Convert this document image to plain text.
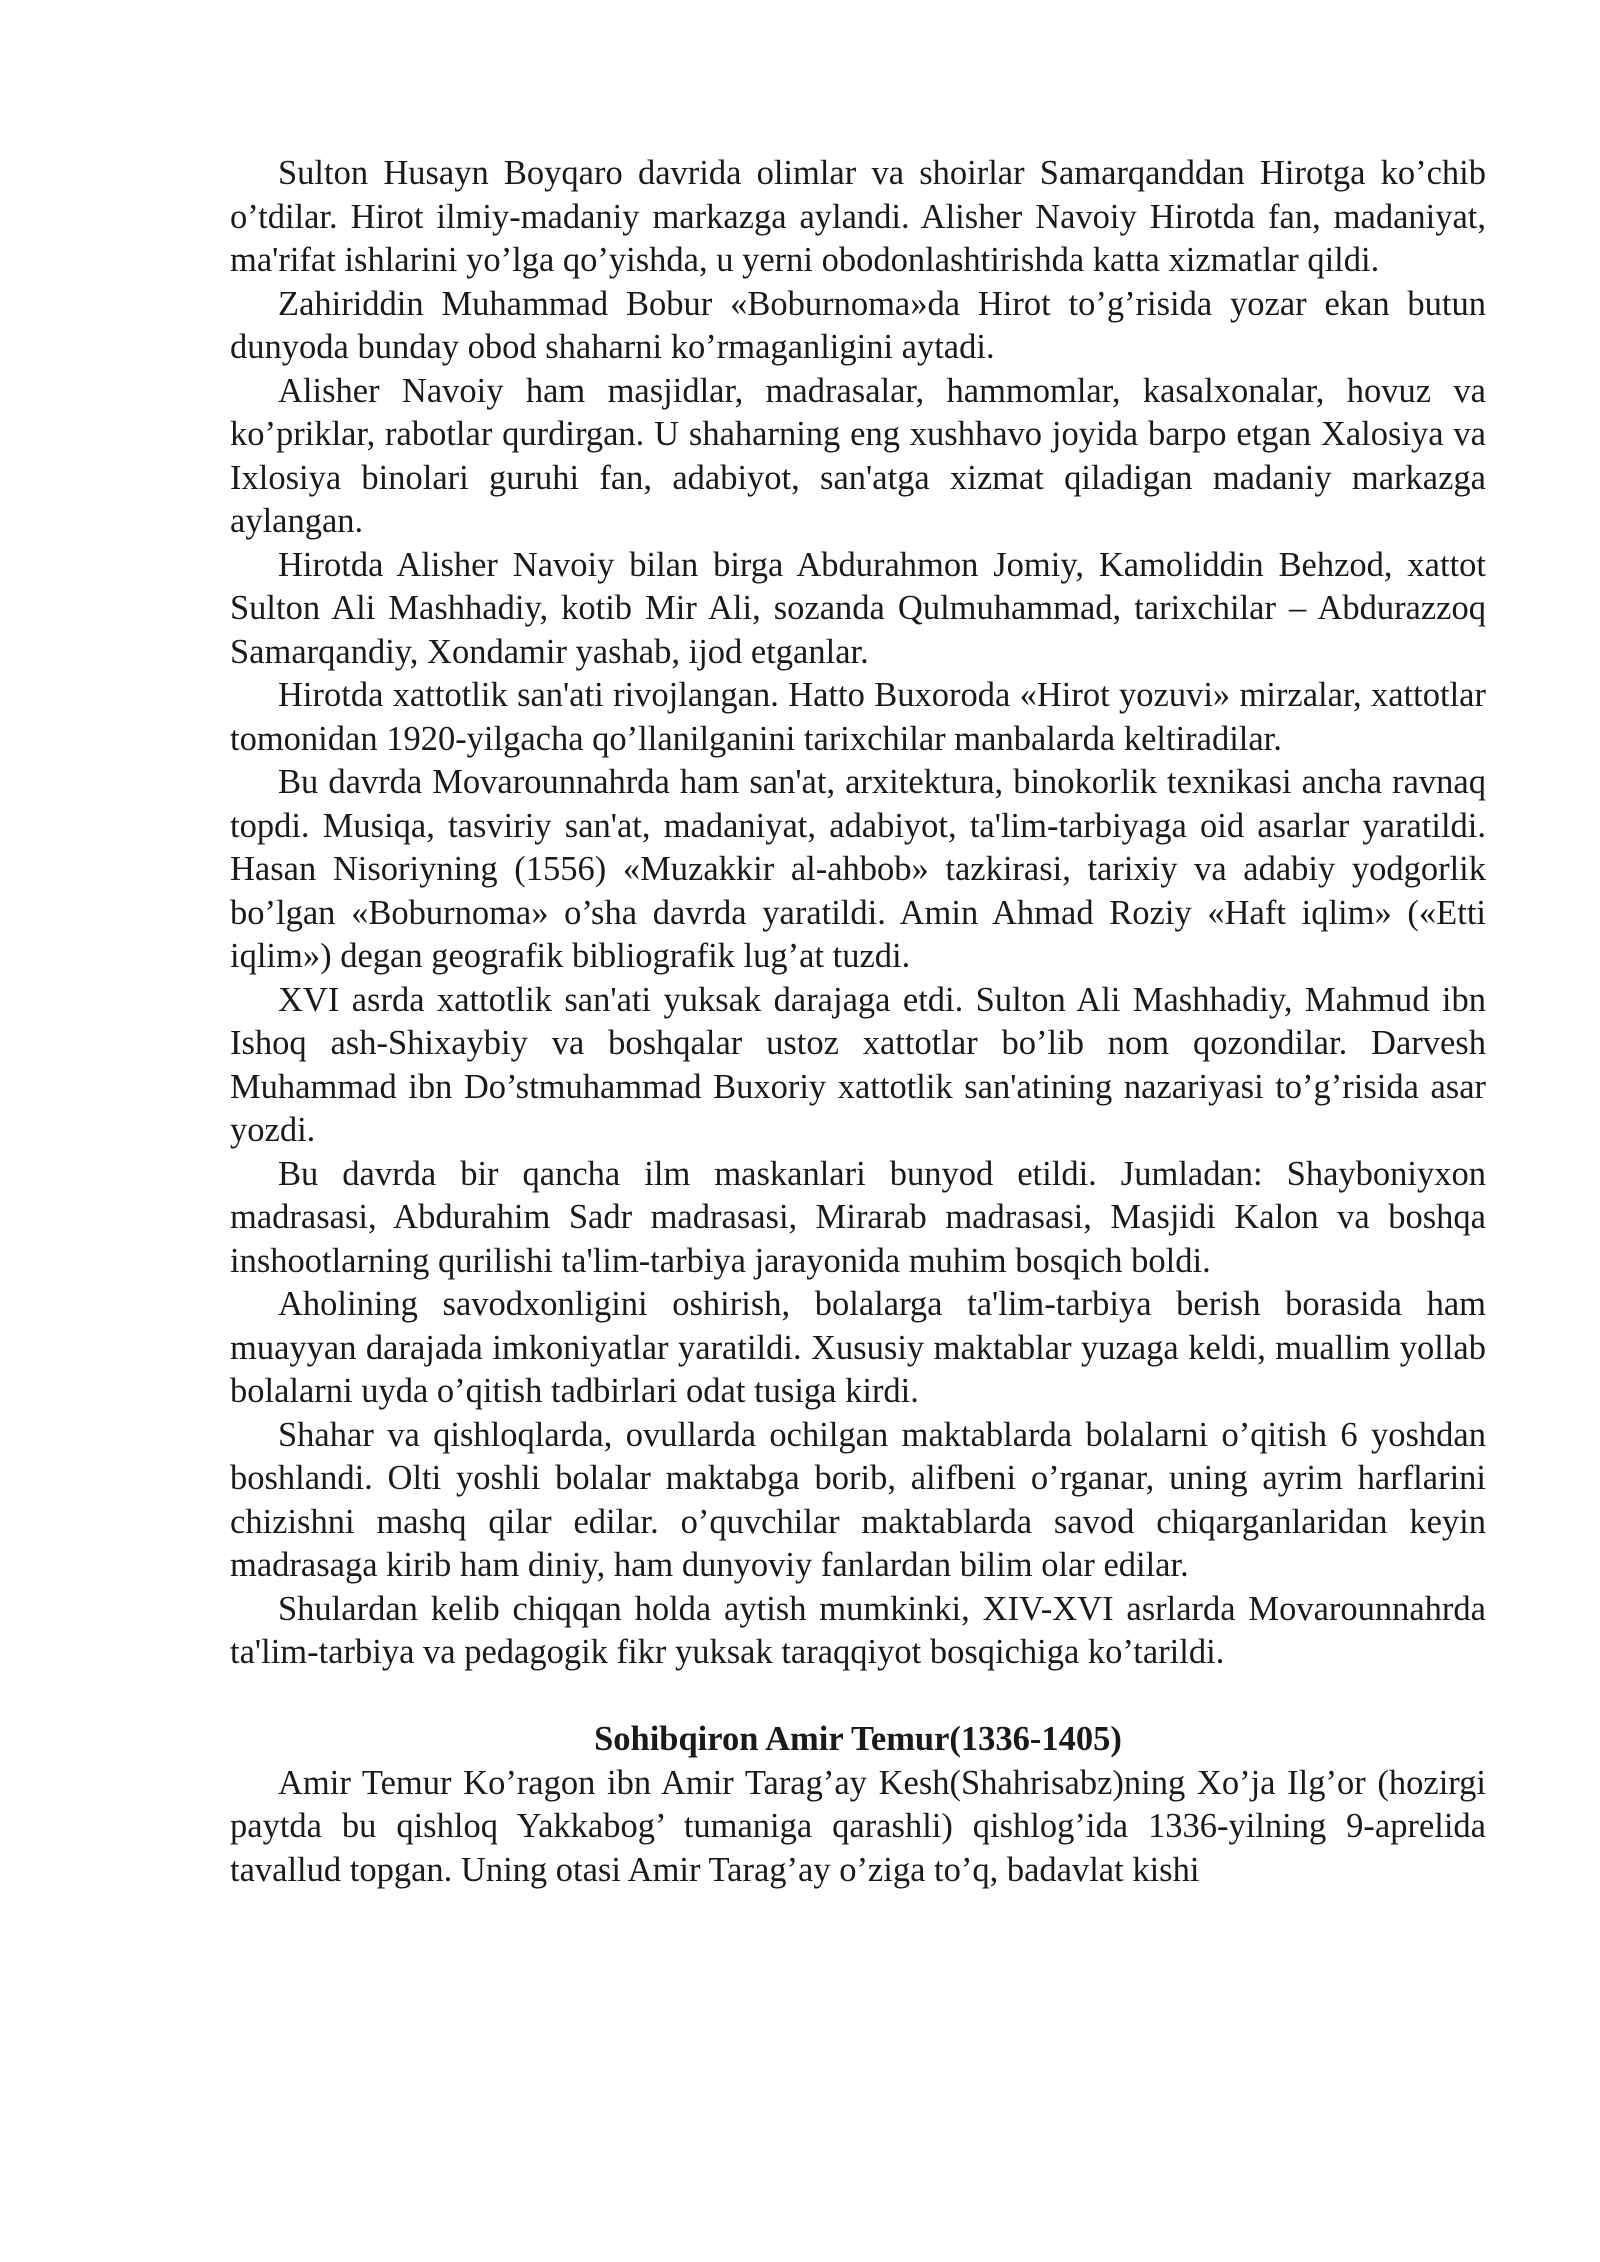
Sulton Husayn Boyqaro davrida olimlar va shoirlar Samarqanddan Hirotga ko’chib o’tdilar. Hirot ilmiy-madaniy markazga aylandi. Alisher Navoiy Hirotda fan, madaniyat, ma'rifat ishlarini yo’lga qo’yishda, u yerni obodonlashtirishda katta xizmatlar qildi.

Zahiriddin Muhammad Bobur «Boburnoma»da Hirot to’g’risida yozar ekan butun dunyoda bunday obod shaharni ko’rmaganligini aytadi.

Alisher Navoiy ham masjidlar, madrasalar, hammomlar, kasalxonalar, hovuz va ko’priklar, rabotlar qurdirgan. U shaharning eng xushhavo joyida barpo etgan Xalosiya va Ixlosiya binolari guruhi fan, adabiyot, san'atga xizmat qiladigan madaniy markazga aylangan.

Hirotda Alisher Navoiy bilan birga Abdurahmon Jomiy, Kamoliddin Behzod, xattot Sulton Ali Mashhadiy, kotib Mir Ali, sozanda Qulmuhammad, tarixchilar – Abdurazzoq Samarqandiy, Xondamir yashab, ijod etganlar.

Hirotda xattotlik san'ati rivojlangan. Hatto Buxoroda «Hirot yozuvi» mirzalar, xattotlar tomonidan 1920-yilgacha qo’llanilganini tarixchilar manbalarda keltiradilar.

Bu davrda Movarounnahrda ham san'at, arxitektura, binokorlik texnikasi ancha ravnaq topdi. Musiqa, tasviriy san'at, madaniyat, adabiyot, ta'lim-tarbiyaga oid asarlar yaratildi. Hasan Nisoriyning (1556) «Muzakkir al-ahbob» tazkirasi, tarixiy va adabiy yodgorlik bo’lgan «Boburnoma» o’sha davrda yaratildi. Amin Ahmad Roziy «Haft iqlim» («Etti iqlim») degan geografik bibliografik lug’at tuzdi.

XVI asrda xattotlik san'ati yuksak darajaga etdi. Sulton Ali Mashhadiy, Mahmud ibn Ishoq ash-Shixaybiy va boshqalar ustoz xattotlar bo’lib nom qozondilar. Darvesh Muhammad ibn Do’stmuhammad Buxoriy xattotlik san'atining nazariyasi to’g’risida asar yozdi.

Bu davrda bir qancha ilm maskanlari bunyod etildi. Jumladan: Shayboniyxon madrasasi, Abdurahim Sadr madrasasi, Mirarab madrasasi, Masjidi Kalon va boshqa inshootlarning qurilishi ta'lim-tarbiya jarayonida muhim bosqich boldi.

Aholining savodxonligini oshirish, bolalarga ta'lim-tarbiya berish borasida ham muayyan darajada imkoniyatlar yaratildi. Xususiy maktablar yuzaga keldi, muallim yollab bolalarni uyda o’qitish tadbirlari odat tusiga kirdi.

Shahar va qishloqlarda, ovullarda ochilgan maktablarda bolalarni o’qitish 6 yoshdan boshlandi. Olti yoshli bolalar maktabga borib, alifbeni o’rganar, uning ayrim harflarini chizishni mashq qilar edilar. o’quvchilar maktablarda savod chiqarganlaridan keyin madrasaga kirib ham diniy, ham dunyoviy fanlardan bilim olar edilar.

Shulardan kelib chiqqan holda aytish mumkinki, XIV-XVI asrlarda Movarounnahrda ta'lim-tarbiya va pedagogik fikr yuksak taraqqiyot bosqichiga ko’tarildi.

Sohibqiron Amir Temur(1336-1405)

Amir Temur Ko’ragon ibn Amir Tarag’ay Kesh(Shahrisabz)ning Xo’ja Ilg’or (hozirgi paytda bu qishloq Yakkabog’ tumaniga qarashli) qishlog’ida 1336-yilning 9-aprelida tavallud topgan. Uning otasi Amir Tarag’ay o’ziga to’q, badavlat kishi
